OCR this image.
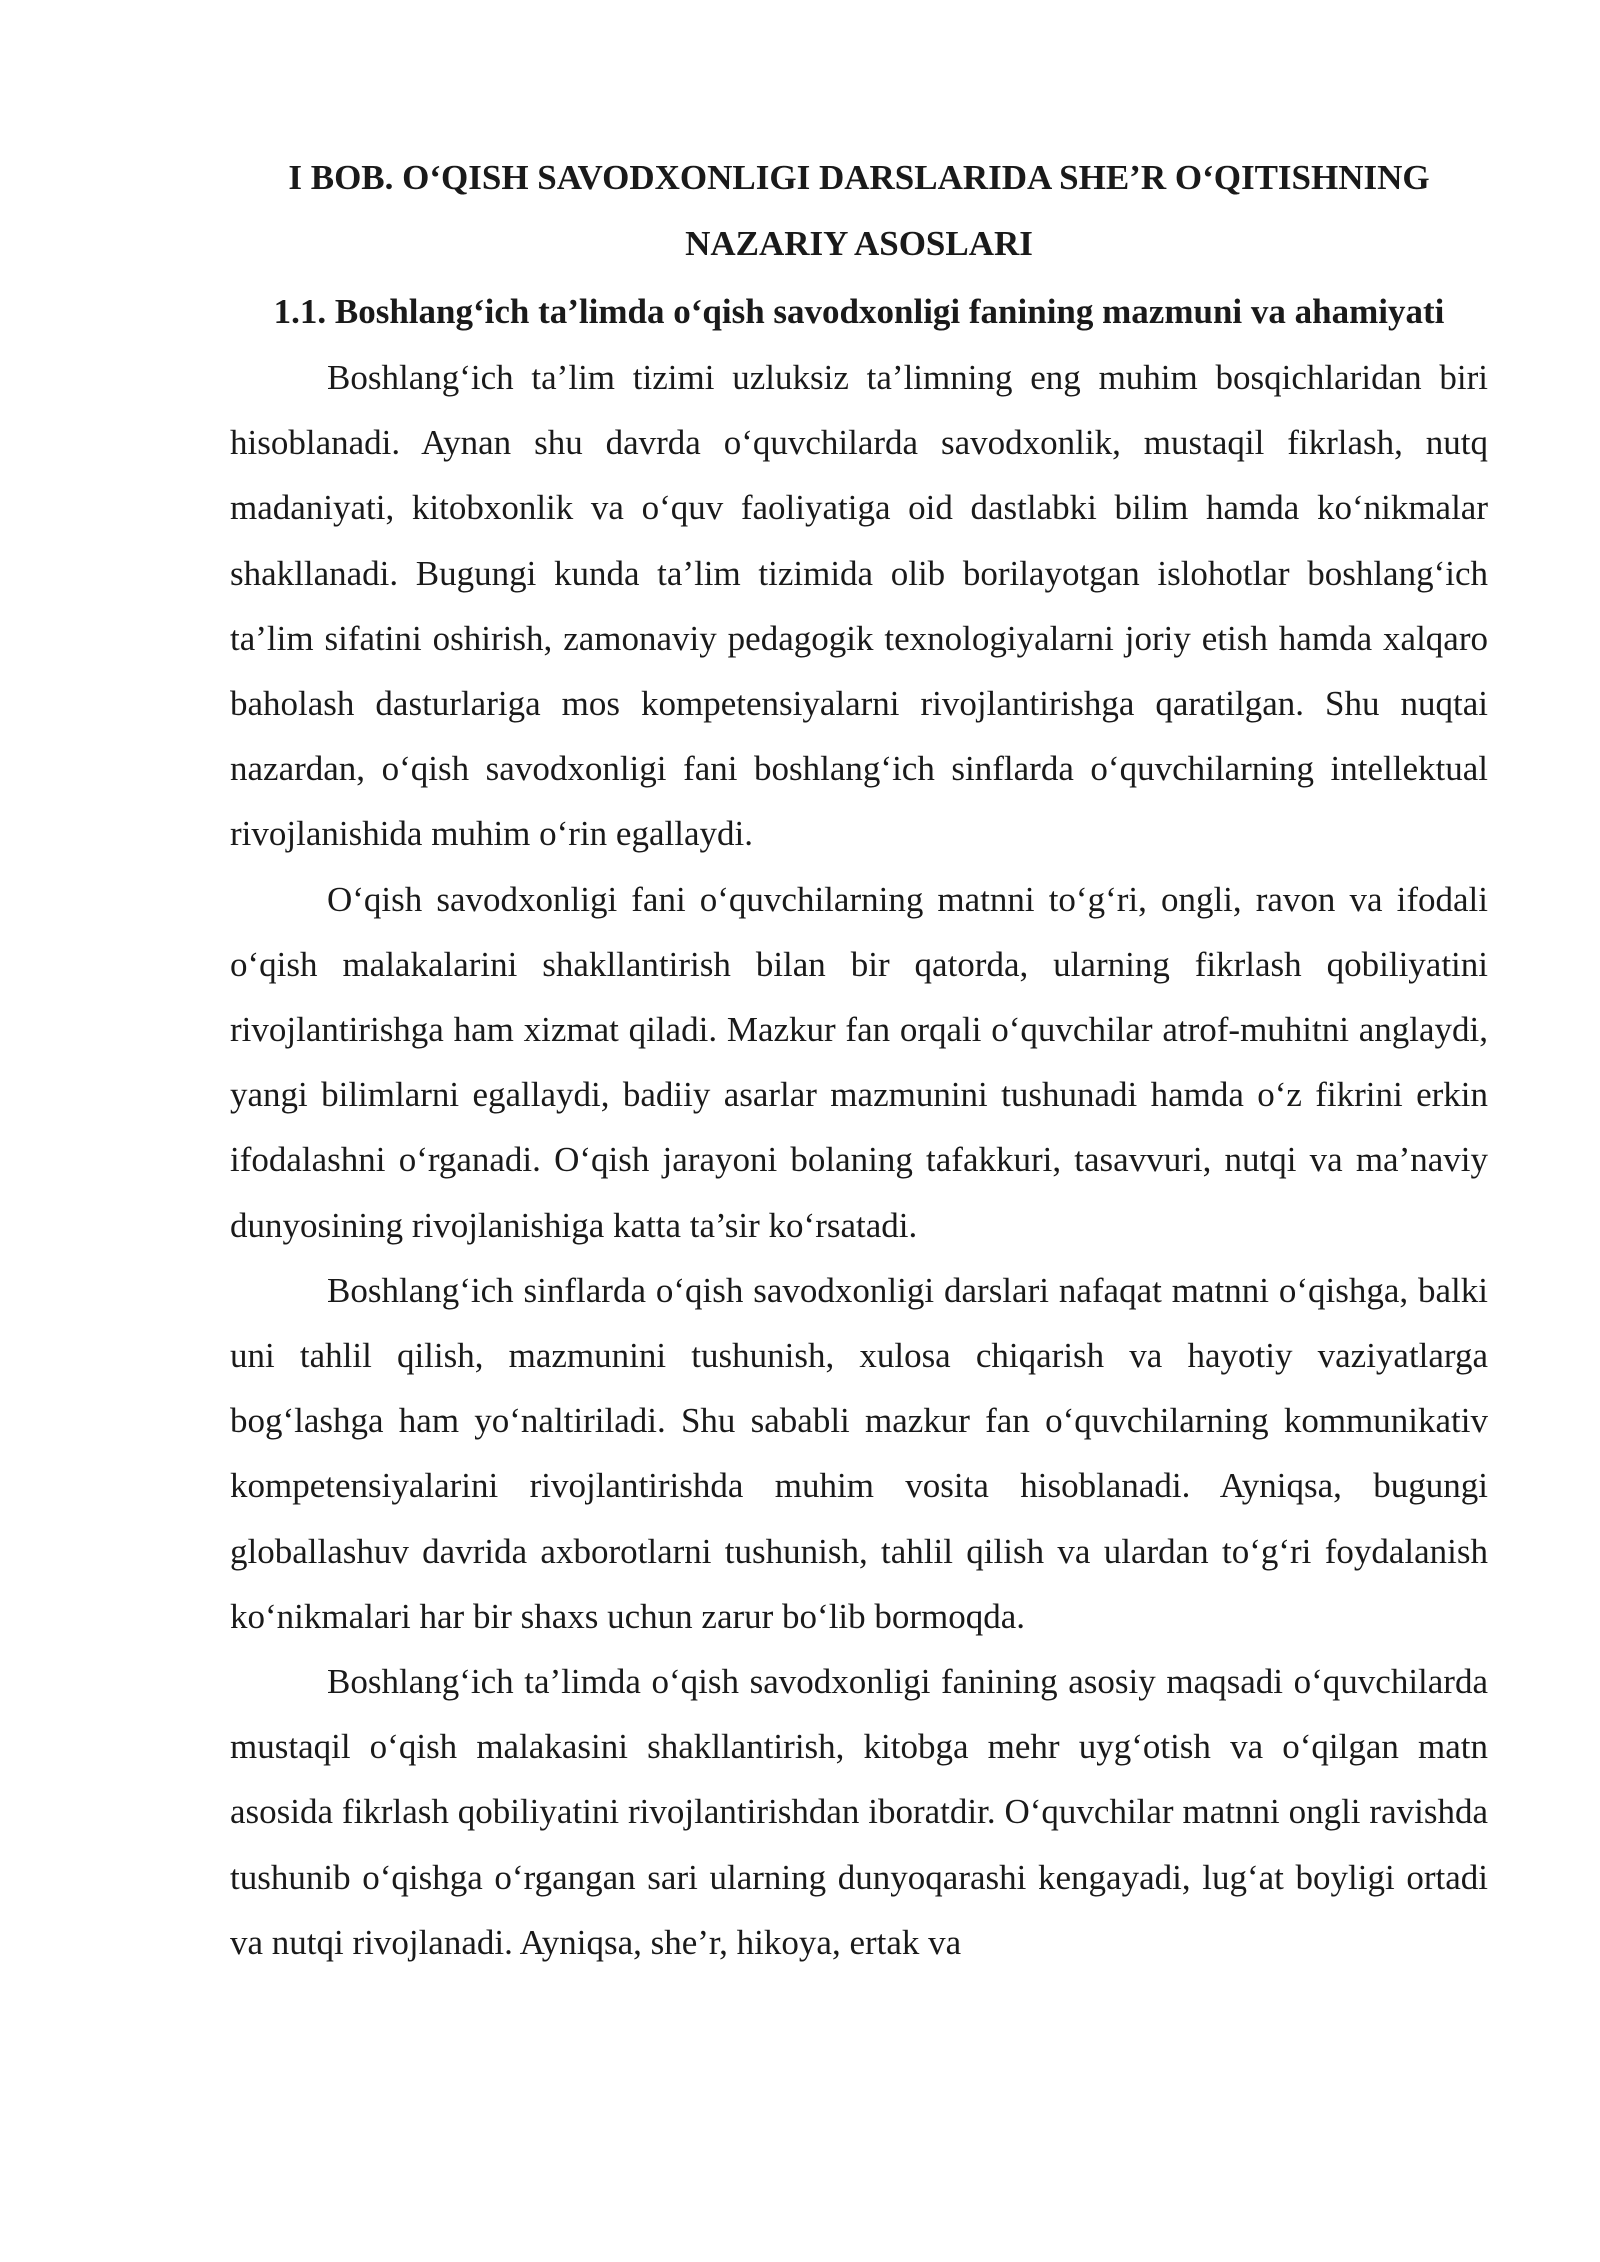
I BOB. O‘QISH SAVODXONLIGI DARSLARIDA SHE’R O‘QITISHNING NAZARIY ASOSLARI
1.1. Boshlang‘ich ta’limda o‘qish savodxonligi fanining mazmuni va ahamiyati

Boshlang‘ich ta’lim tizimi uzluksiz ta’limning eng muhim bosqichlaridan biri hisoblanadi. Aynan shu davrda o‘quvchilarda savodxonlik, mustaqil fikrlash, nutq madaniyati, kitobxonlik va o‘quv faoliyatiga oid dastlabki bilim hamda ko‘nikmalar shakllanadi. Bugungi kunda ta’lim tizimida olib borilayotgan islohotlar boshlang‘ich ta’lim sifatini oshirish, zamonaviy pedagogik texnologiyalarni joriy etish hamda xalqaro baholash dasturlariga mos kompetensiyalarni rivojlantirishga qaratilgan. Shu nuqtai nazardan, o‘qish savodxonligi fani boshlang‘ich sinflarda o‘quvchilarning intellektual rivojlanishida muhim o‘rin egallaydi.

O‘qish savodxonligi fani o‘quvchilarning matnni to‘g‘ri, ongli, ravon va ifodali o‘qish malakalarini shakllantirish bilan bir qatorda, ularning fikrlash qobiliyatini rivojlantirishga ham xizmat qiladi. Mazkur fan orqali o‘quvchilar atrof-muhitni anglaydi, yangi bilimlarni egallaydi, badiiy asarlar mazmunini tushunadi hamda o‘z fikrini erkin ifodalashni o‘rganadi. O‘qish jarayoni bolaning tafakkuri, tasavvuri, nutqi va ma’naviy dunyosining rivojlanishiga katta ta’sir ko‘rsatadi.

Boshlang‘ich sinflarda o‘qish savodxonligi darslari nafaqat matnni o‘qishga, balki uni tahlil qilish, mazmunini tushunish, xulosa chiqarish va hayotiy vaziyatlarga bog‘lashga ham yo‘naltiriladi. Shu sababli mazkur fan o‘quvchilarning kommunikativ kompetensiyalarini rivojlantirishda muhim vosita hisoblanadi. Ayniqsa, bugungi globallashuv davrida axborotlarni tushunish, tahlil qilish va ulardan to‘g‘ri foydalanish ko‘nikmalari har bir shaxs uchun zarur bo‘lib bormoqda.

Boshlang‘ich ta’limda o‘qish savodxonligi fanining asosiy maqsadi o‘quvchilarda mustaqil o‘qish malakasini shakllantirish, kitobga mehr uyg‘otish va o‘qilgan matn asosida fikrlash qobiliyatini rivojlantirishdan iboratdir. O‘quvchilar matnni ongli ravishda tushunib o‘qishga o‘rgangan sari ularning dunyoqarashi kengayadi, lug‘at boyligi ortadi va nutqi rivojlanadi. Ayniqsa, she’r, hikoya, ertak va
